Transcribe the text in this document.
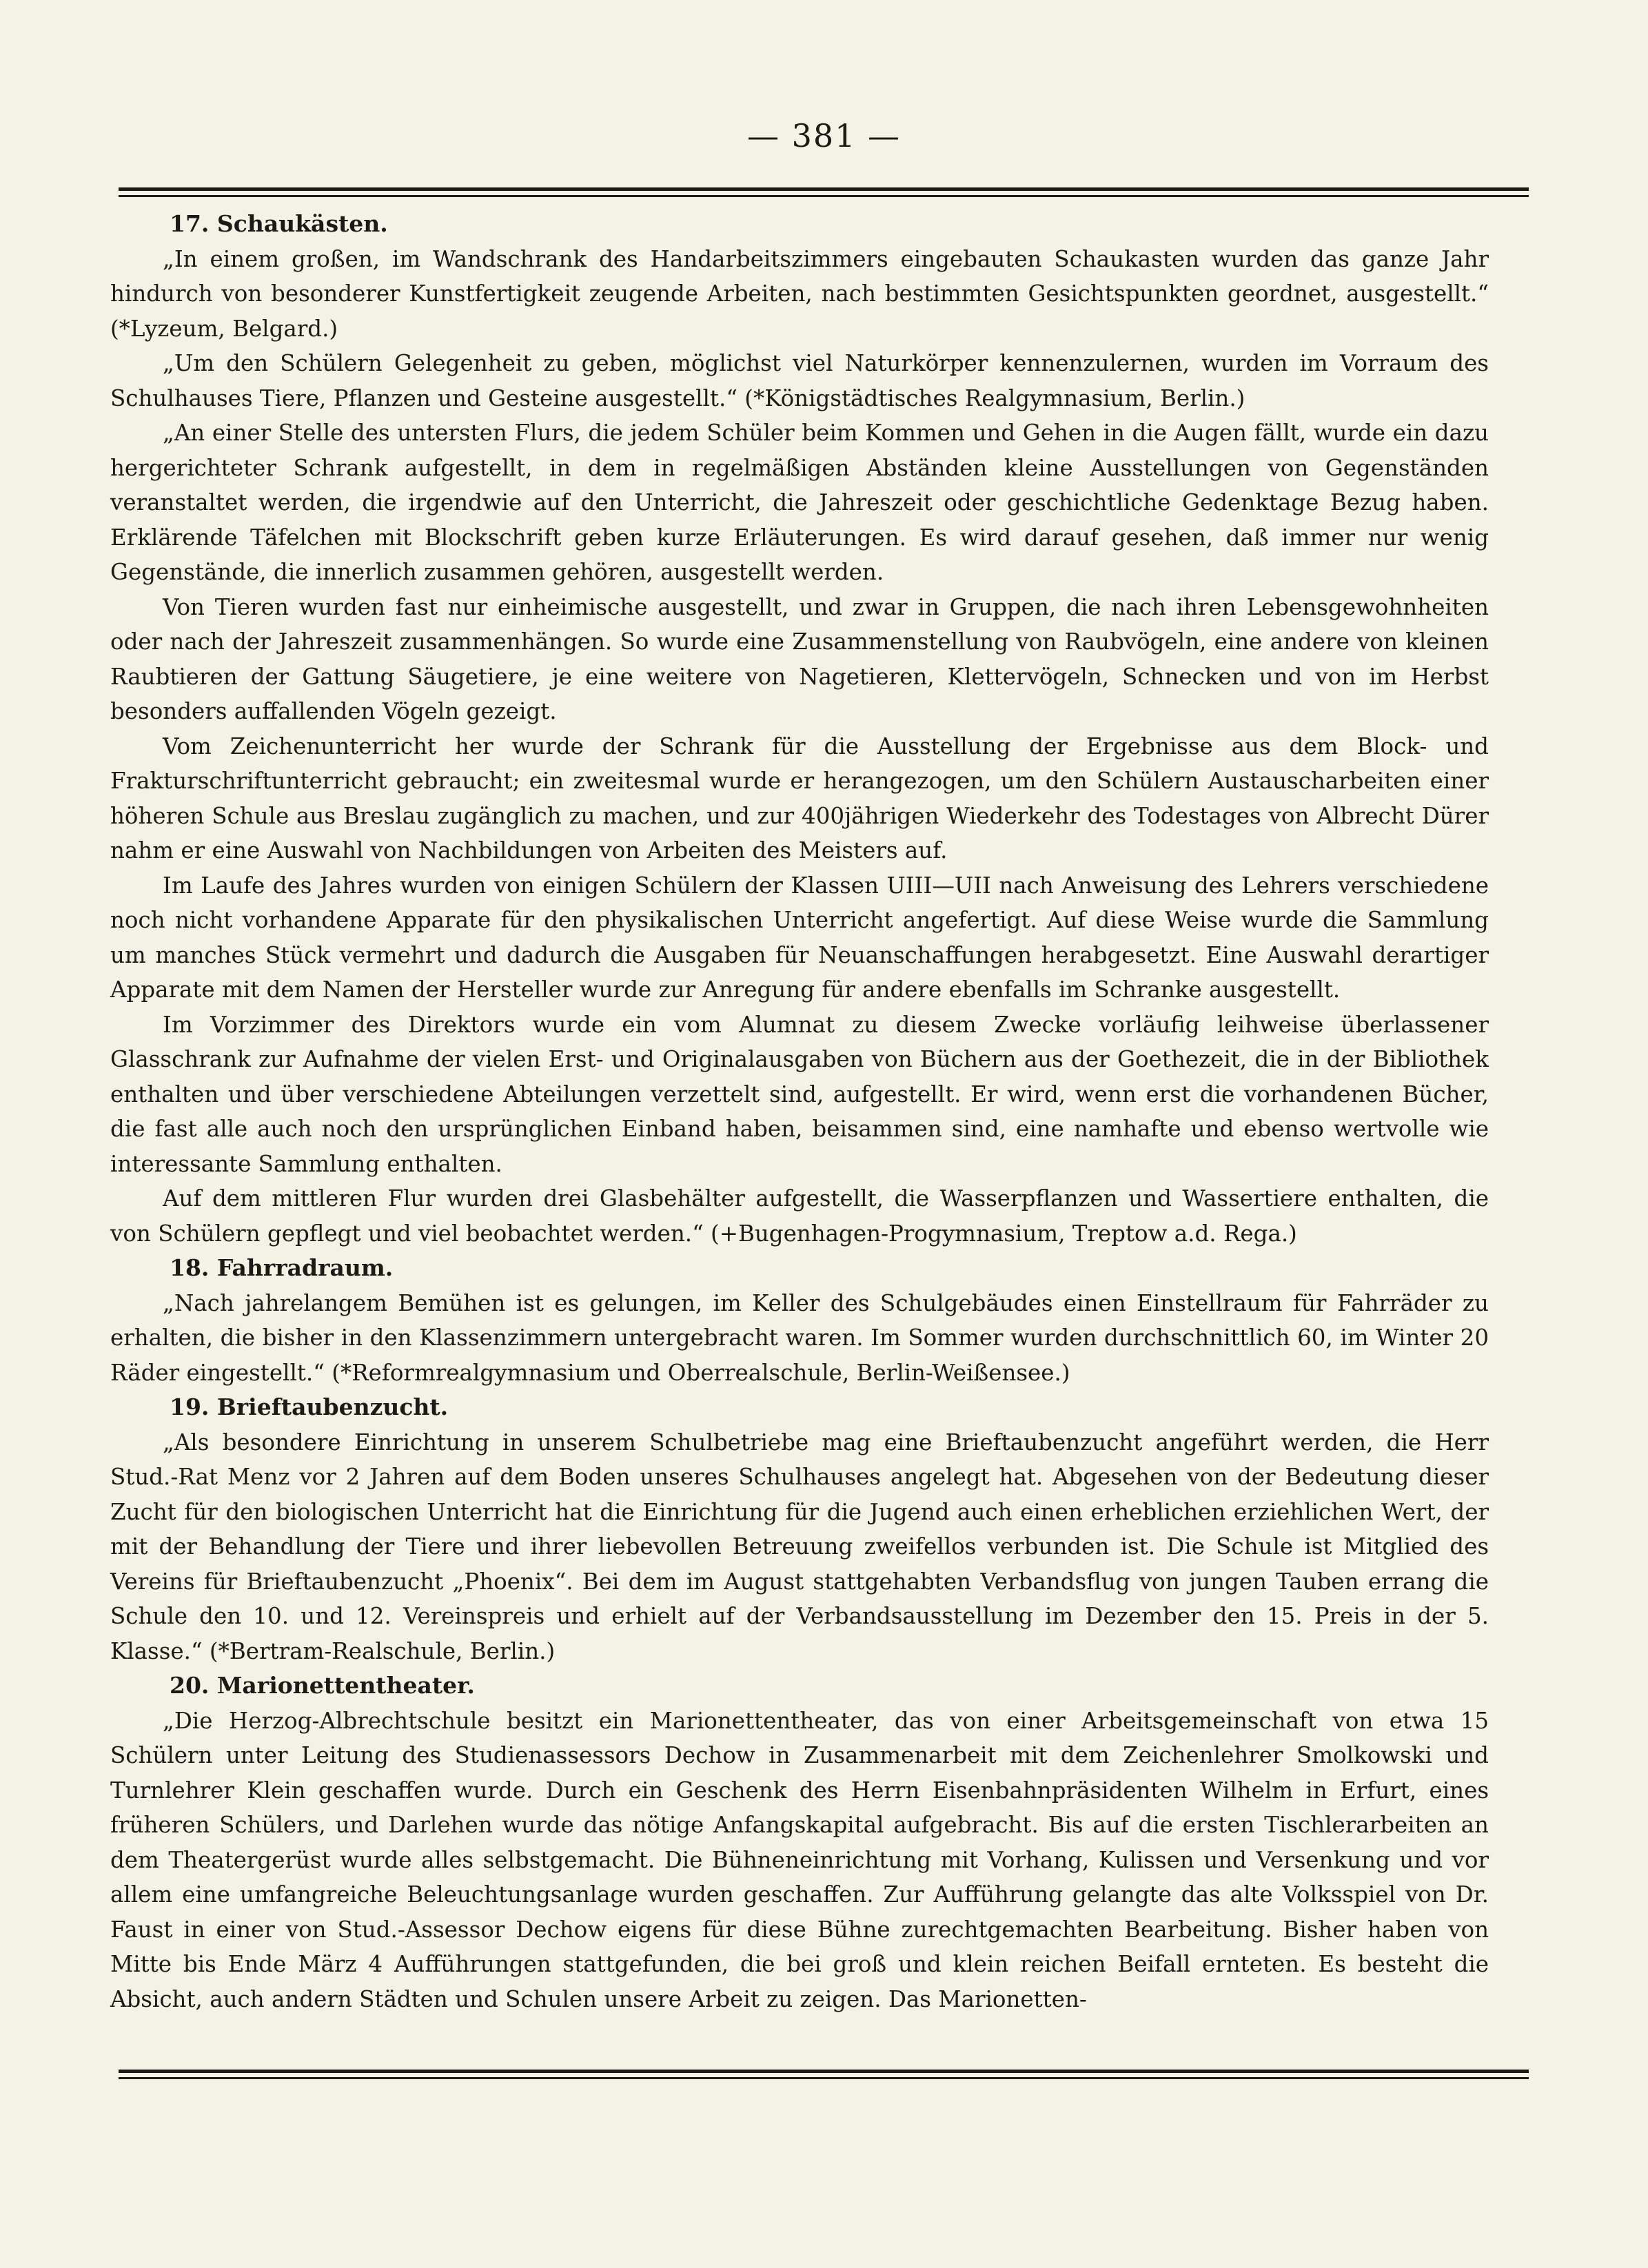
— 381 —
17. Schaukästen.

„In einem großen, im Wandschrank des Handarbeitszimmers eingebauten Schaukasten wurden das ganze Jahr hindurch von besonderer Kunstfertigkeit zeugende Arbeiten, nach bestimmten Gesichtspunkten geordnet, ausgestellt.“ (*Lyzeum, Belgard.)

„Um den Schülern Gelegenheit zu geben, möglichst viel Naturkörper kennenzulernen, wurden im Vorraum des Schulhauses Tiere, Pflanzen und Gesteine ausgestellt.“ (*Königstädtisches Realgymnasium, Berlin.)

„An einer Stelle des untersten Flurs, die jedem Schüler beim Kommen und Gehen in die Augen fällt, wurde ein dazu hergerichteter Schrank aufgestellt, in dem in regelmäßigen Abständen kleine Ausstellungen von Gegenständen veranstaltet werden, die irgendwie auf den Unterricht, die Jahreszeit oder geschichtliche Gedenktage Bezug haben. Erklärende Täfelchen mit Blockschrift geben kurze Erläuterungen. Es wird darauf gesehen, daß immer nur wenig Gegenstände, die innerlich zusammen gehören, ausgestellt werden.

Von Tieren wurden fast nur einheimische ausgestellt, und zwar in Gruppen, die nach ihren Lebensgewohnheiten oder nach der Jahreszeit zusammenhängen. So wurde eine Zusammenstellung von Raubvögeln, eine andere von kleinen Raubtieren der Gattung Säugetiere, je eine weitere von Nagetieren, Klettervögeln, Schnecken und von im Herbst besonders auffallenden Vögeln gezeigt.

Vom Zeichenunterricht her wurde der Schrank für die Ausstellung der Ergebnisse aus dem Block- und Frakturschriftunterricht gebraucht; ein zweitesmal wurde er herangezogen, um den Schülern Austauscharbeiten einer höheren Schule aus Breslau zugänglich zu machen, und zur 400jährigen Wiederkehr des Todestages von Albrecht Dürer nahm er eine Auswahl von Nachbildungen von Arbeiten des Meisters auf.

Im Laufe des Jahres wurden von einigen Schülern der Klassen UIII—UII nach Anweisung des Lehrers verschiedene noch nicht vorhandene Apparate für den physikalischen Unterricht angefertigt. Auf diese Weise wurde die Sammlung um manches Stück vermehrt und dadurch die Ausgaben für Neuanschaffungen herabgesetzt. Eine Auswahl derartiger Apparate mit dem Namen der Hersteller wurde zur Anregung für andere ebenfalls im Schranke ausgestellt.

Im Vorzimmer des Direktors wurde ein vom Alumnat zu diesem Zwecke vorläufig leihweise überlassener Glasschrank zur Aufnahme der vielen Erst- und Originalausgaben von Büchern aus der Goethezeit, die in der Bibliothek enthalten und über verschiedene Abteilungen verzettelt sind, aufgestellt. Er wird, wenn erst die vorhandenen Bücher, die fast alle auch noch den ursprünglichen Einband haben, beisammen sind, eine namhafte und ebenso wertvolle wie interessante Sammlung enthalten.

Auf dem mittleren Flur wurden drei Glasbehälter aufgestellt, die Wasserpflanzen und Wassertiere enthalten, die von Schülern gepflegt und viel beobachtet werden.“ (+Bugenhagen-Progymnasium, Treptow a.d. Rega.)

18. Fahrradraum.

„Nach jahrelangem Bemühen ist es gelungen, im Keller des Schulgebäudes einen Einstellraum für Fahrräder zu erhalten, die bisher in den Klassenzimmern untergebracht waren. Im Sommer wurden durchschnittlich 60, im Winter 20 Räder eingestellt.“ (*Reformrealgymnasium und Oberrealschule, Berlin-Weißensee.)

19. Brieftaubenzucht.

„Als besondere Einrichtung in unserem Schulbetriebe mag eine Brieftaubenzucht angeführt werden, die Herr Stud.-Rat Menz vor 2 Jahren auf dem Boden unseres Schulhauses angelegt hat. Abgesehen von der Bedeutung dieser Zucht für den biologischen Unterricht hat die Einrichtung für die Jugend auch einen erheblichen erziehlichen Wert, der mit der Behandlung der Tiere und ihrer liebevollen Betreuung zweifellos verbunden ist. Die Schule ist Mitglied des Vereins für Brieftaubenzucht „Phoenix“. Bei dem im August stattgehabten Verbandsflug von jungen Tauben errang die Schule den 10. und 12. Vereinspreis und erhielt auf der Verbandsausstellung im Dezember den 15. Preis in der 5. Klasse.“ (*Bertram-Realschule, Berlin.)

20. Marionettentheater.

„Die Herzog-Albrechtschule besitzt ein Marionettentheater, das von einer Arbeitsgemeinschaft von etwa 15 Schülern unter Leitung des Studienassessors Dechow in Zusammenarbeit mit dem Zeichenlehrer Smolkowski und Turnlehrer Klein geschaffen wurde. Durch ein Geschenk des Herrn Eisenbahnpräsidenten Wilhelm in Erfurt, eines früheren Schülers, und Darlehen wurde das nötige Anfangskapital aufgebracht. Bis auf die ersten Tischlerarbeiten an dem Theatergerüst wurde alles selbstgemacht. Die Bühneneinrichtung mit Vorhang, Kulissen und Versenkung und vor allem eine umfangreiche Beleuchtungsanlage wurden geschaffen. Zur Aufführung gelangte das alte Volksspiel von Dr. Faust in einer von Stud.-Assessor Dechow eigens für diese Bühne zurechtgemachten Bearbeitung. Bisher haben von Mitte bis Ende März 4 Aufführungen stattgefunden, die bei groß und klein reichen Beifall ernteten. Es besteht die Absicht, auch andern Städten und Schulen unsere Arbeit zu zeigen. Das Marionetten-
